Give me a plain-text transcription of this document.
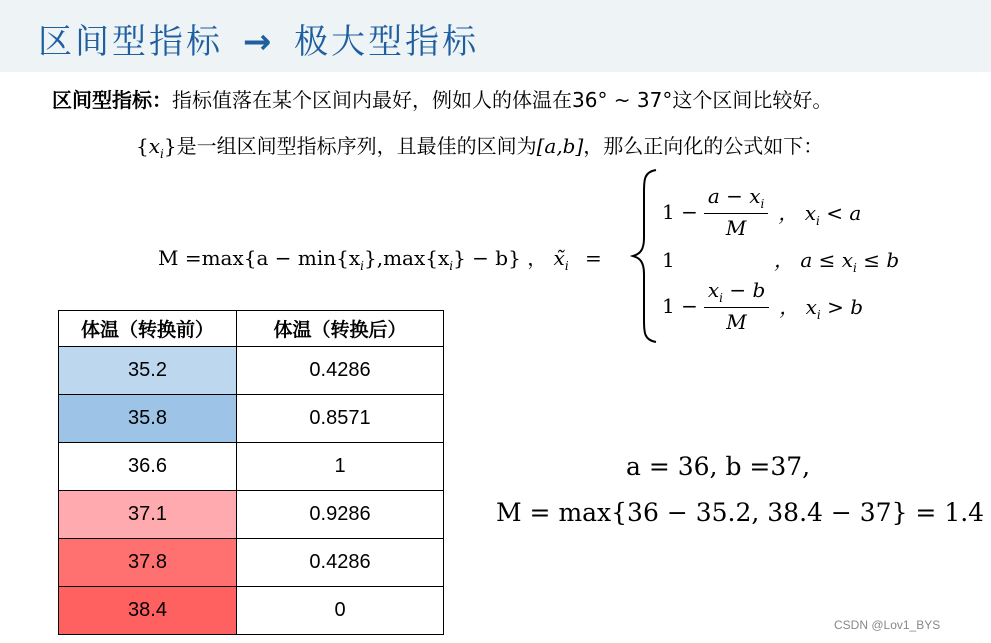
区间型指标 → 极大型指标
区间型指标：指标值落在某个区间内最好，例如人的体温在36° ~ 37°这个区间比较好。
$\{x_i\}$是一组区间型指标序列，且最佳的区间为[a,b]，那么正向化的公式如下：
$M =\max\{a - \min\{x_i\},\max\{x_i\} - b\}$ ， $x̃_i$ =
$1 - \frac{a - x_i}{M}$ ， $x_i < a$
1	， $a \le x_i \le b$
$1 - \frac{x_i - b}{M}$ ， $x_i > b$
体温（转换前）	体温（转换后）
35.2	0.4286
35.8	0.8571
36.6	1
37.1	0.9286
37.8	0.4286
38.4	0
a = 36, b =37,
M = max{36 − 35.2, 38.4 − 37} = 1.4
CSDN @Lov1_BYS
